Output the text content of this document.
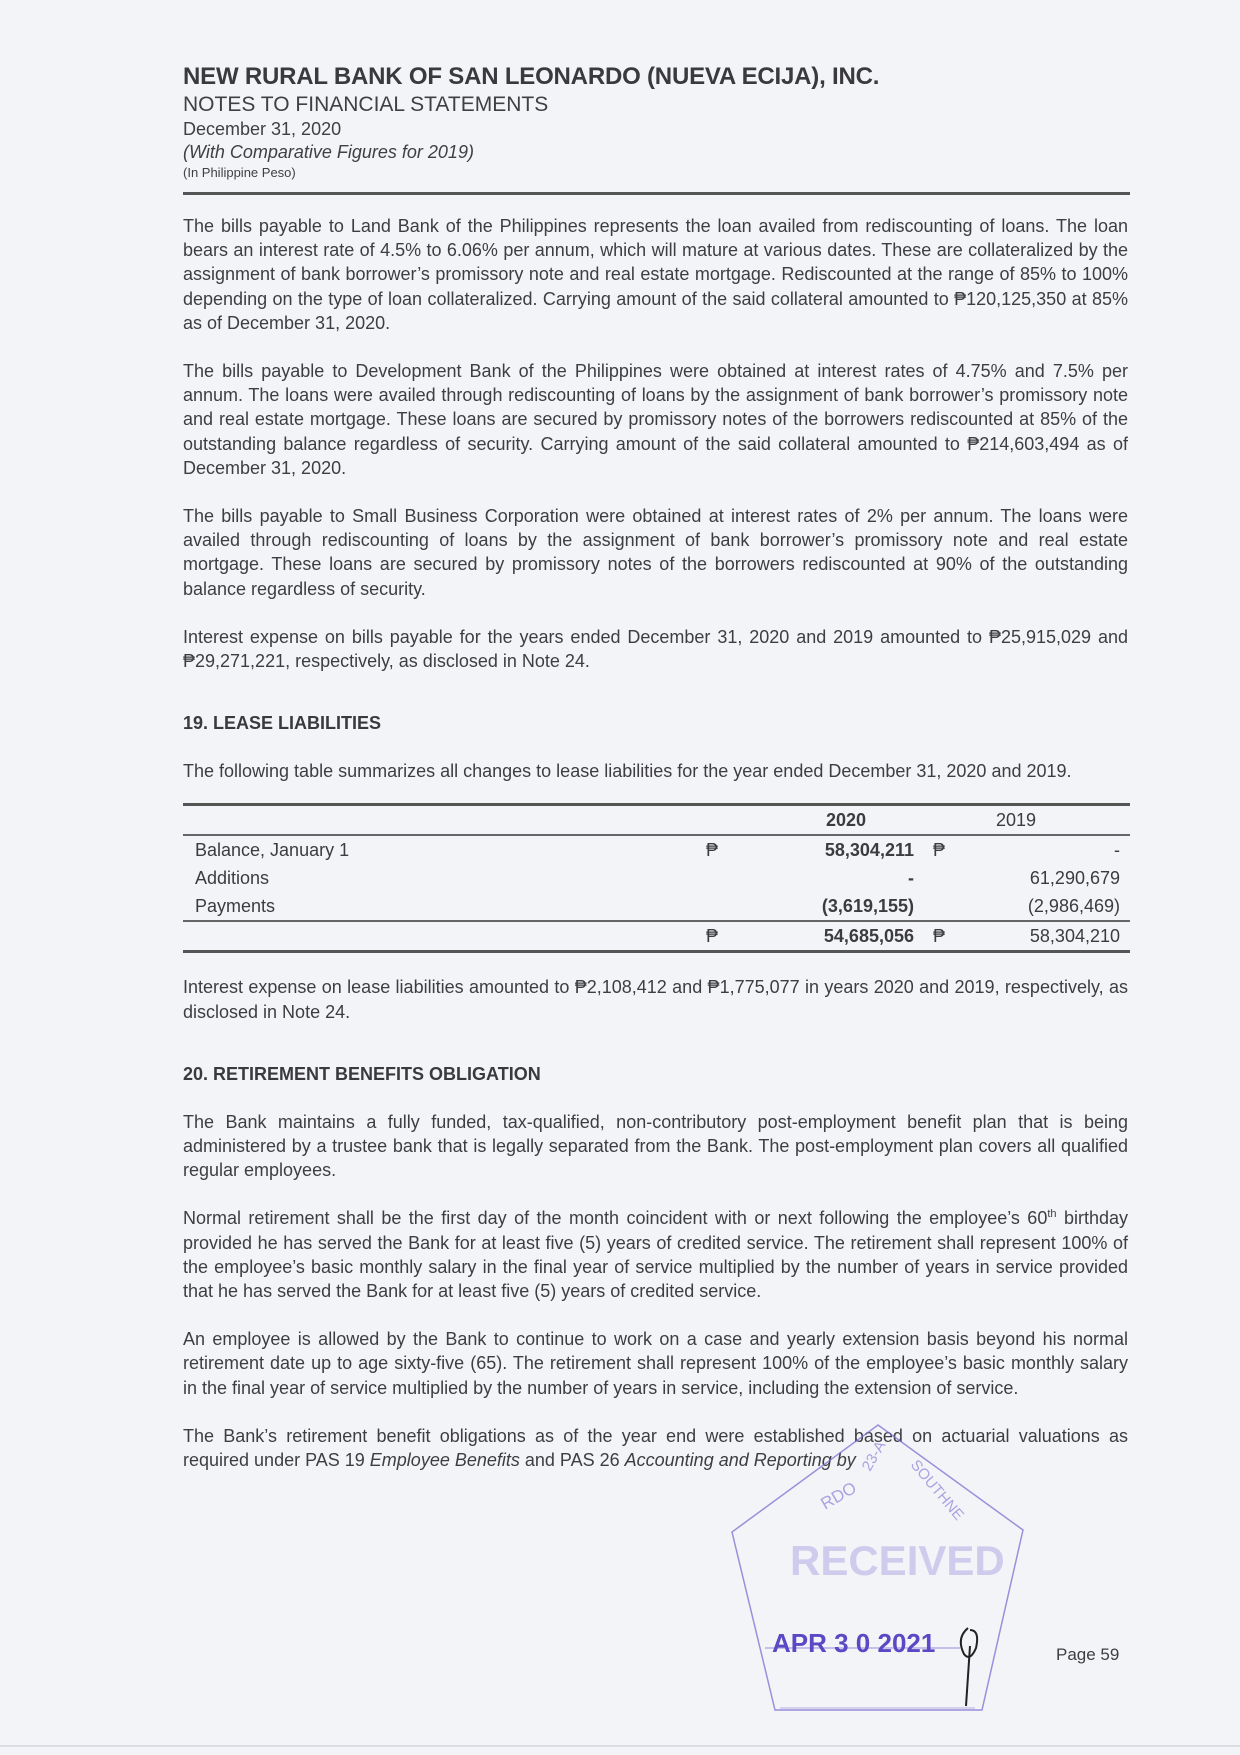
NEW RURAL BANK OF SAN LEONARDO (NUEVA ECIJA), INC.
NOTES TO FINANCIAL STATEMENTS
December 31, 2020
(With Comparative Figures for 2019)
(In Philippine Peso)

The bills payable to Land Bank of the Philippines represents the loan availed from rediscounting of loans. The loan bears an interest rate of 4.5% to 6.06% per annum, which will mature at various dates. These are collateralized by the assignment of bank borrower’s promissory note and real estate mortgage. Rediscounted at the range of 85% to 100% depending on the type of loan collateralized. Carrying amount of the said collateral amounted to ₱120,125,350 at 85% as of December 31, 2020.

The bills payable to Development Bank of the Philippines were obtained at interest rates of 4.75% and 7.5% per annum. The loans were availed through rediscounting of loans by the assignment of bank borrower’s promissory note and real estate mortgage. These loans are secured by promissory notes of the borrowers rediscounted at 85% of the outstanding balance regardless of security. Carrying amount of the said collateral amounted to ₱214,603,494 as of December 31, 2020.

The bills payable to Small Business Corporation were obtained at interest rates of 2% per annum. The loans were availed through rediscounting of loans by the assignment of bank borrower’s promissory note and real estate mortgage. These loans are secured by promissory notes of the borrowers rediscounted at 90% of the outstanding balance regardless of security.

Interest expense on bills payable for the years ended December 31, 2020 and 2019 amounted to ₱25,915,029 and ₱29,271,221, respectively, as disclosed in Note 24.

19. LEASE LIABILITIES

The following table summarizes all changes to lease liabilities for the year ended December 31, 2020 and 2019.

		2020		2019

Balance, January 1	₱	58,304,211	₱	-
Additions		-		61,290,679
Payments		(3,619,155)		(2,986,469)

	₱	54,685,056	₱	58,304,210

Interest expense on lease liabilities amounted to ₱2,108,412 and ₱1,775,077 in years 2020 and 2019, respectively, as disclosed in Note 24.

20. RETIREMENT BENEFITS OBLIGATION

The Bank maintains a fully funded, tax-qualified, non-contributory post-employment benefit plan that is being administered by a trustee bank that is legally separated from the Bank. The post-employment plan covers all qualified regular employees.

Normal retirement shall be the first day of the month coincident with or next following the employee’s 60th birthday provided he has served the Bank for at least five (5) years of credited service. The retirement shall represent 100% of the employee’s basic monthly salary in the final year of service multiplied by the number of years in service provided that he has served the Bank for at least five (5) years of credited service.

An employee is allowed by the Bank to continue to work on a case and yearly extension basis beyond his normal retirement date up to age sixty-five (65). The retirement shall represent 100% of the employee’s basic monthly salary in the final year of service multiplied by the number of years in service, including the extension of service.

The Bank’s retirement benefit obligations as of the year end were established based on actuarial valuations as required under PAS 19 Employee Benefits and PAS 26 Accounting and Reporting by

RDO
23-A
SOUTHNE
RECEIVED
APR 3 0 2021	Page 59
